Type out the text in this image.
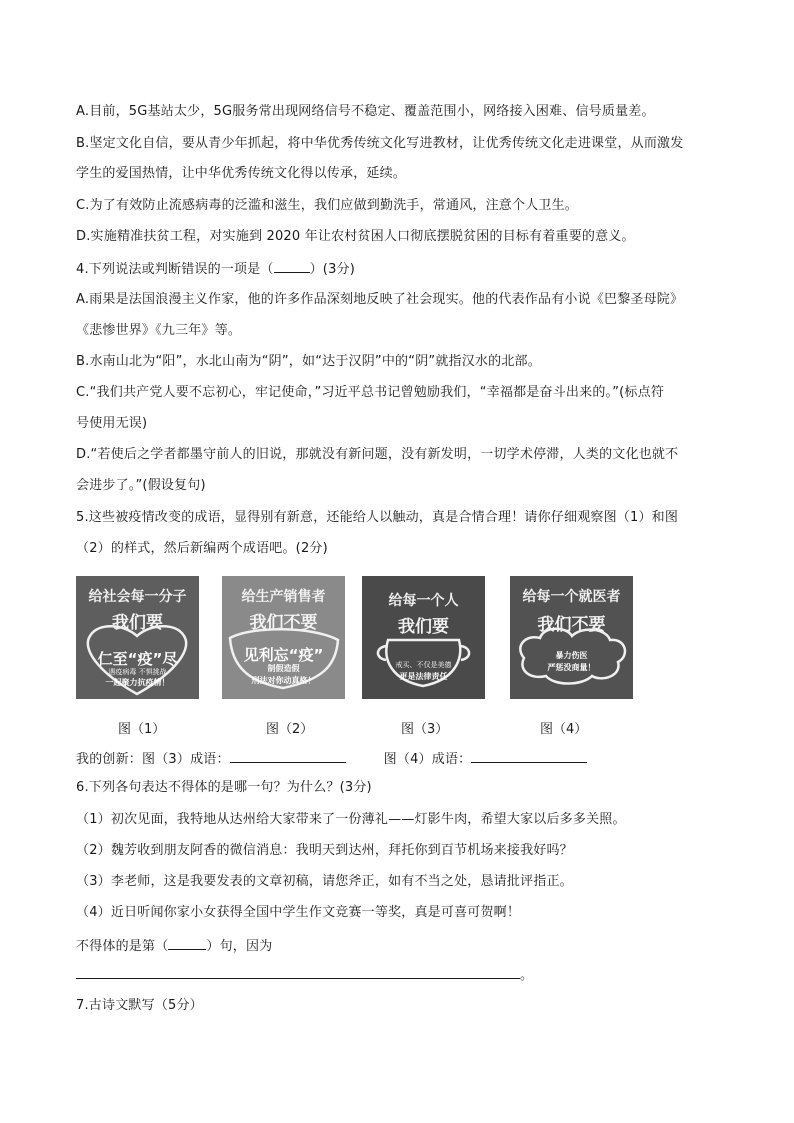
A.目前，5G基站太少，5G服务常出现网络信号不稳定、覆盖范围小，网络接入困难、信号质量差。
B.坚定文化自信，要从青少年抓起，将中华优秀传统文化写进教材，让优秀传统文化走进课堂，从而激发
学生的爱国热情，让中华优秀传统文化得以传承，延续。
C.为了有效防止流感病毒的泛滥和滋生，我们应做到勤洗手，常通风，注意个人卫生。
D.实施精准扶贫工程，对实施到 2020 年让农村贫困人口彻底摆脱贫困的目标有着重要的意义。
4.下列说法或判断错误的一项是（	）(3分)
A.雨果是法国浪漫主义作家，他的许多作品深刻地反映了社会现实。他的代表作品有小说《巴黎圣母院》
《悲惨世界》《九三年》等。
B.水南山北为“阳”，水北山南为“阴”，如“达于汉阴”中的“阴”就指汉水的北部。
C.“我们共产党人要不忘初心，牢记使命，”习近平总书记曾勉励我们，“幸福都是奋斗出来的。”(标点符
号使用无误)
D.“若使后之学者都墨守前人的旧说，那就没有新问题，没有新发明，一切学术停滞，人类的文化也就不
会进步了。”(假设复句)
5.这些被疫情改变的成语，显得别有新意，还能给人以触动，真是合情合理！请你仔细观察图（1）和图
（2）的样式，然后新编两个成语吧。(2分)
给社会每一分子
我们要
仁至“疫”尽
遇疫病毒 不惧挑战
一起聚力抗疫情！
给生产销售者
我们不要
见利忘“疫”
制假造假
刑法对你动真格！
给每一个人
我们要
戒买、不仅是美德
更是法律责任
给每一个就医者
我们不要
暴力伤医
严惩没商量！
图（1）	图（2）	图（3）	图（4）
我的创新：图（3）成语：	图（4）成语：
6.下列各句表达不得体的是哪一句？为什么？(3分)
（1）初次见面，我特地从达州给大家带来了一份薄礼——灯影牛肉，希望大家以后多多关照。
（2）魏芳收到朋友阿香的微信消息：我明天到达州，拜托你到百节机场来接我好吗？
（3）李老师，这是我要发表的文章初稿，请您斧正，如有不当之处，恳请批评指正。
（4）近日听闻你家小女获得全国中学生作文竞赛一等奖，真是可喜可贺啊！
不得体的是第（	）句，因为
。
7.古诗文默写（5分）
